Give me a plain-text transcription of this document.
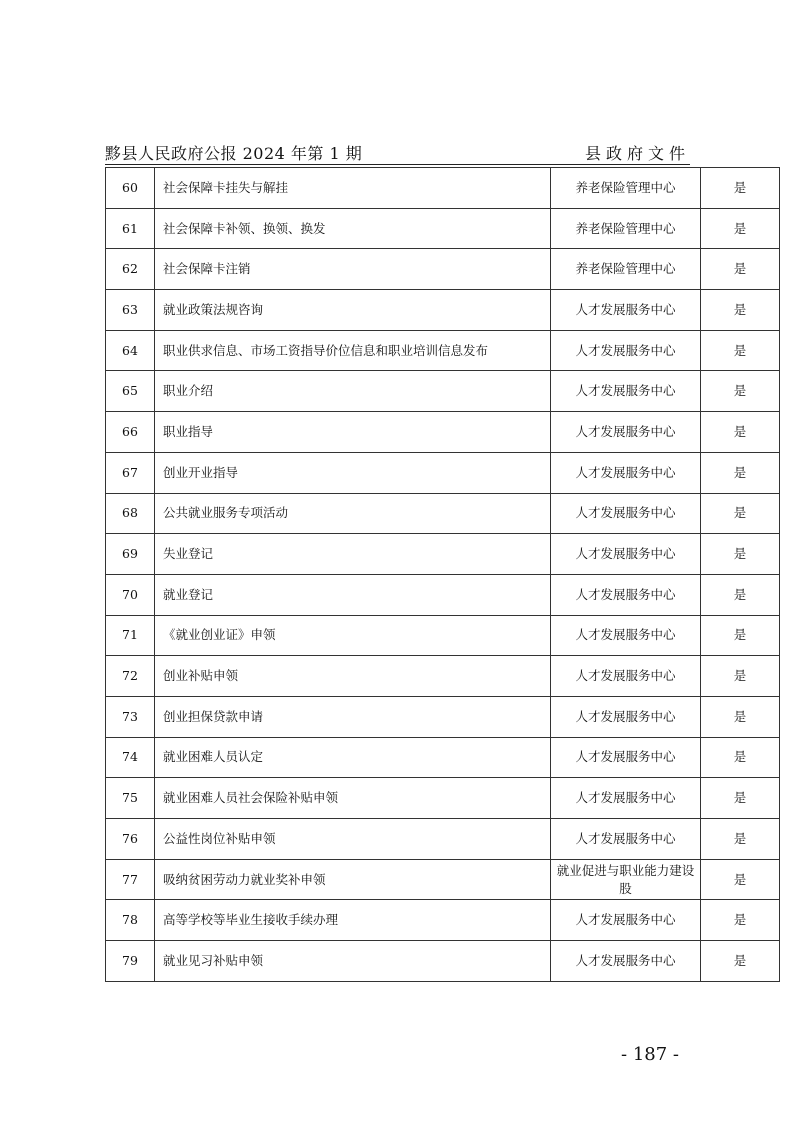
黟县人民政府公报 2024 年第 1 期	县政府文件
60	社会保障卡挂失与解挂	养老保险管理中心	是
61	社会保障卡补领、换领、换发	养老保险管理中心	是
62	社会保障卡注销	养老保险管理中心	是
63	就业政策法规咨询	人才发展服务中心	是
64	职业供求信息、市场工资指导价位信息和职业培训信息发布	人才发展服务中心	是
65	职业介绍	人才发展服务中心	是
66	职业指导	人才发展服务中心	是
67	创业开业指导	人才发展服务中心	是
68	公共就业服务专项活动	人才发展服务中心	是
69	失业登记	人才发展服务中心	是
70	就业登记	人才发展服务中心	是
71	《就业创业证》申领	人才发展服务中心	是
72	创业补贴申领	人才发展服务中心	是
73	创业担保贷款申请	人才发展服务中心	是
74	就业困难人员认定	人才发展服务中心	是
75	就业困难人员社会保险补贴申领	人才发展服务中心	是
76	公益性岗位补贴申领	人才发展服务中心	是
77	吸纳贫困劳动力就业奖补申领	就业促进与职业能力建设股	是
78	高等学校等毕业生接收手续办理	人才发展服务中心	是
79	就业见习补贴申领	人才发展服务中心	是
- 187 -
